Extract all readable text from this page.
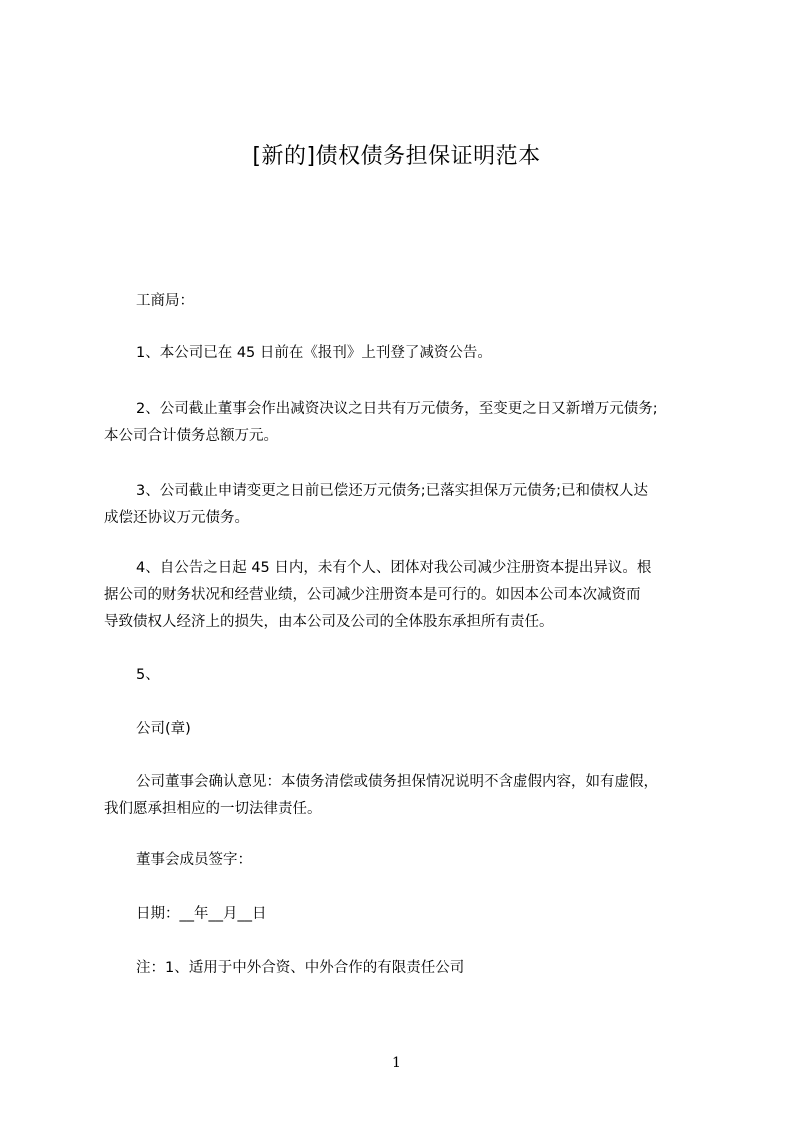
[新的]债权债务担保证明范本
工商局：
1、本公司已在 45 日前在《报刊》上刊登了减资公告。
2、公司截止董事会作出减资决议之日共有万元债务，至变更之日又新增万元债务;
本公司合计债务总额万元。
3、公司截止申请变更之日前已偿还万元债务;已落实担保万元债务;已和债权人达
成偿还协议万元债务。
4、自公告之日起 45 日内，未有个人、团体对我公司减少注册资本提出异议。根
据公司的财务状况和经营业绩，公司减少注册资本是可行的。如因本公司本次减资而
导致债权人经济上的损失，由本公司及公司的全体股东承担所有责任。
5、
公司(章)
公司董事会确认意见：本债务清偿或债务担保情况说明不含虚假内容，如有虚假，
我们愿承担相应的一切法律责任。
董事会成员签字：
日期：__年__月__日
注：1、适用于中外合资、中外合作的有限责任公司
1
